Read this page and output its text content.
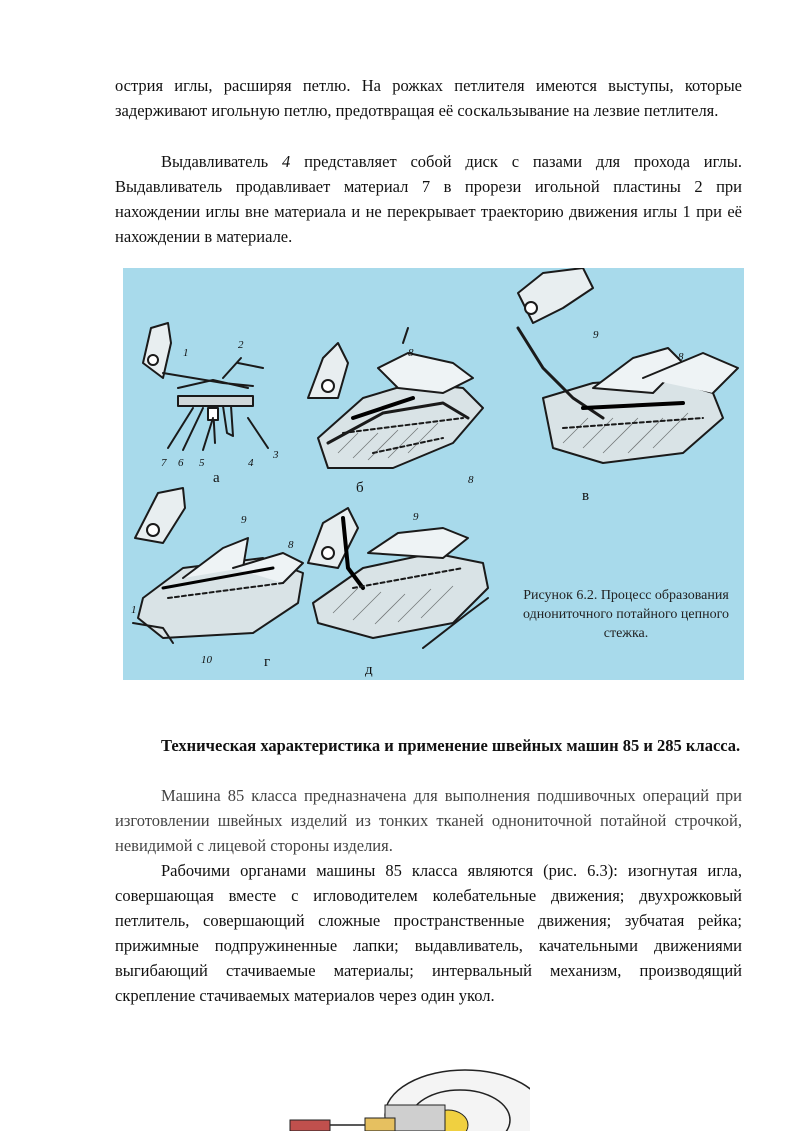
острия иглы, расширяя петлю. На рожках петлителя имеются выступы, которые задерживают игольную петлю, предотвращая её соскальзывание на лезвие петлителя.

Выдавливатель 4 представляет собой диск с пазами для прохода иглы. Выдавливатель продавливает материал 7 в прорези игольной пластины 2 при нахождении иглы вне материала и не перекрывает траекторию движения иглы 1 при её нахождении в материале.

1
2
7 6 5	4
3
8
8
9
8
9
8
1
10
9
а
б	в
г	д
Рисунок 6.2. Процесс образования однониточного потайного цепного стежка.

Техническая характеристика и применение швейных машин 85 и 285 класса.

Машина 85 класса предназначена для выполнения подшивочных операций при изготовлении швейных изделий из тонких тканей однониточной потайной строчкой, невидимой с лицевой стороны изделия.

Рабочими органами машины 85 класса являются (рис. 6.3): изогнутая игла, совершающая вместе с игловодителем колебательные движения; двухрожковый петлитель, совершающий сложные пространственные движения; зубчатая рейка; прижимные подпружиненные лапки; выдавливатель, качательными движениями выгибающий стачиваемые материалы; интервальный механизм, производящий скрепление стачиваемых материалов через один укол.
